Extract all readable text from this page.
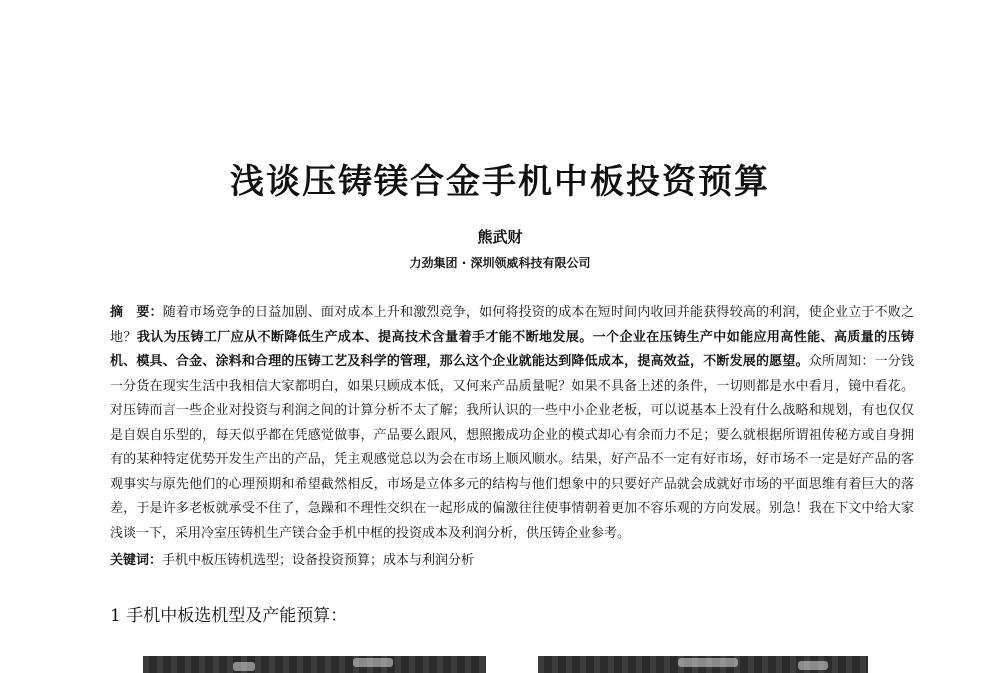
浅谈压铸镁合金手机中板投资预算
熊武财
力劲集团 · 深圳领威科技有限公司

摘　要：随着市场竞争的日益加剧、面对成本上升和激烈竞争，如何将投资的成本在短时间内收回并能获得较高的利润，使企业立于不败之地？我认为压铸工厂应从不断降低生产成本、提高技术含量着手才能不断地发展。一个企业在压铸生产中如能应用高性能、高质量的压铸机、模具、合金、涂料和合理的压铸工艺及科学的管理，那么这个企业就能达到降低成本，提高效益，不断发展的愿望。众所周知：一分钱一分货在现实生活中我相信大家都明白，如果只顾成本低，又何来产品质量呢？如果不具备上述的条件，一切则都是水中看月，镜中看花。对压铸而言一些企业对投资与利润之间的计算分析不太了解；我所认识的一些中小企业老板，可以说基本上没有什么战略和规划，有也仅仅是自娱自乐型的，每天似乎都在凭感觉做事，产品要么跟风，想照搬成功企业的模式却心有余而力不足；要么就根据所谓祖传秘方或自身拥有的某种特定优势开发生产出的产品，凭主观感觉总以为会在市场上顺风顺水。结果，好产品不一定有好市场，好市场不一定是好产品的客观事实与原先他们的心理预期和希望截然相反，市场是立体多元的结构与他们想象中的只要好产品就会成就好市场的平面思维有着巨大的落差，于是许多老板就承受不住了，急躁和不理性交织在一起形成的偏激往往使事情朝着更加不容乐观的方向发展。别急！我在下文中给大家浅谈一下，采用冷室压铸机生产镁合金手机中框的投资成本及利润分析，供压铸企业参考。

关键词：手机中板压铸机选型；设备投资预算；成本与利润分析
1 手机中板选机型及产能预算：
